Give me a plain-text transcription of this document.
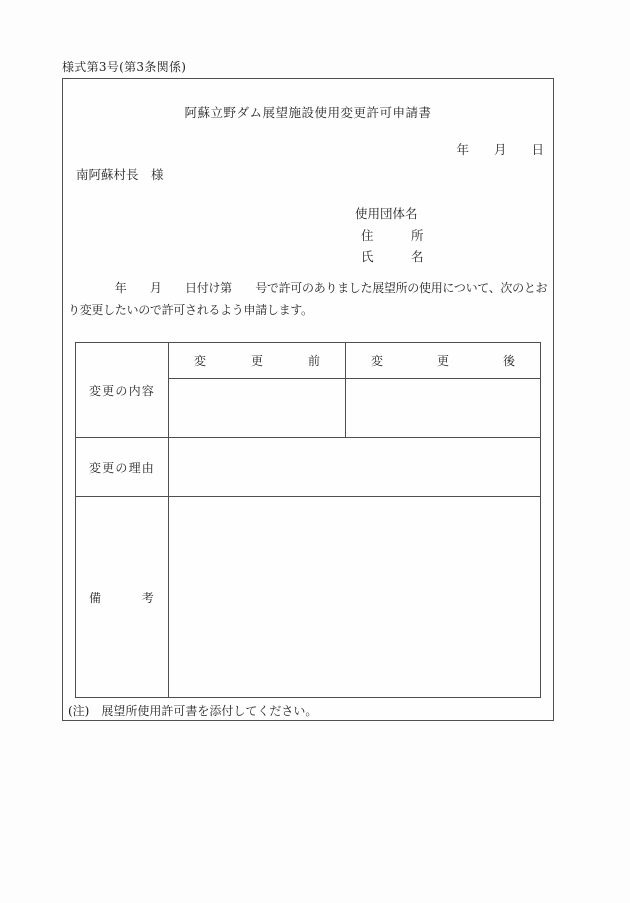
様式第3号(第3条関係)
阿蘇立野ダム展望施設使用変更許可申請書
年　　月　　日
南阿蘇村長　様
使用団体名
住　　　所
氏　　　名
　　　　年　　月　　日付け第　　号で許可のありました展望所の使用について、次のとお
り変更したいので許可されるよう申請します。
変更の内容	変 更 前	変 更 後

変更の理由		
備　　　考		
(注)　展望所使用許可書を添付してください。
